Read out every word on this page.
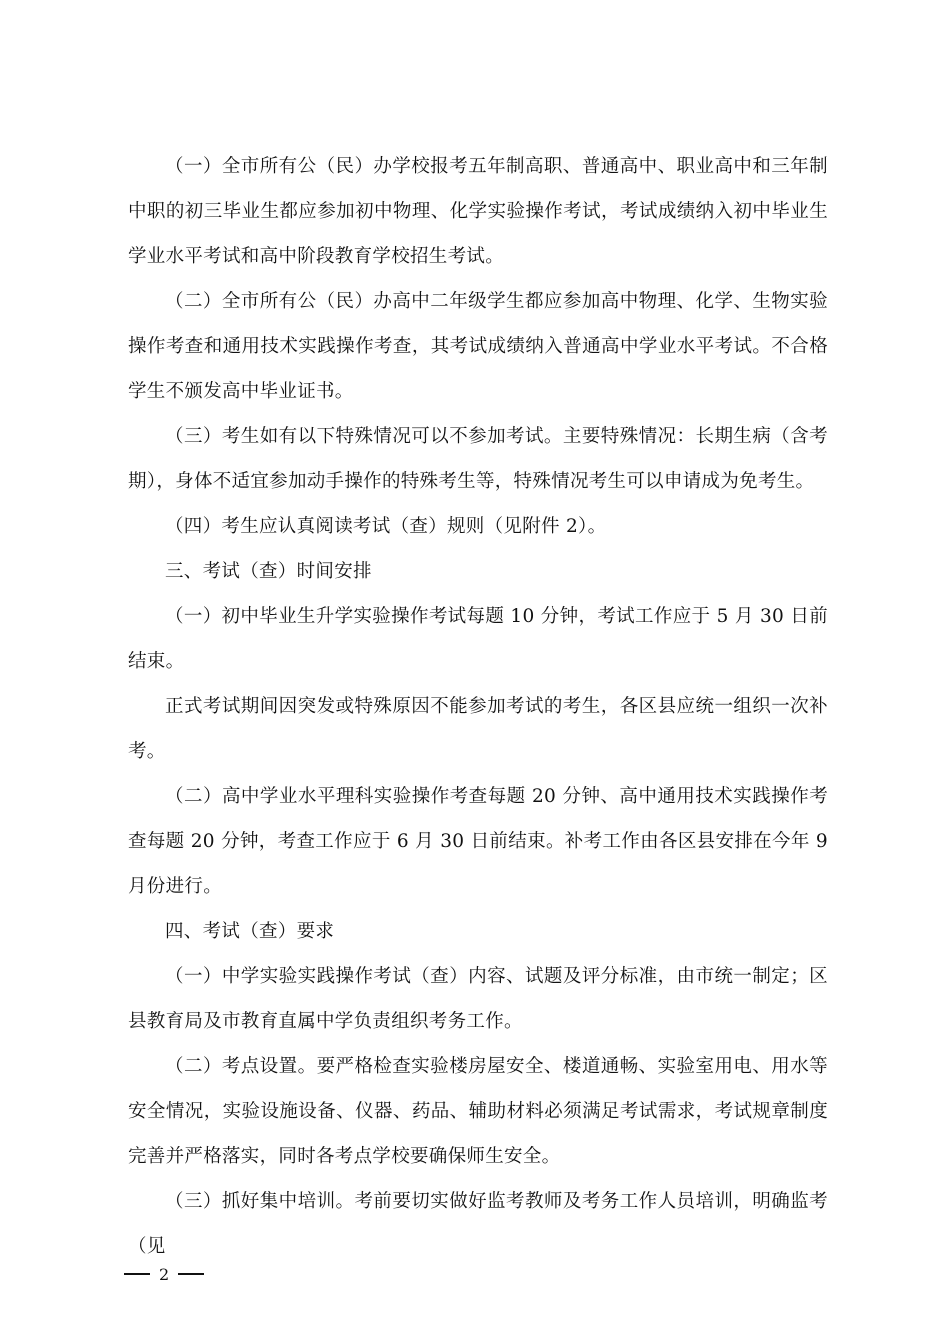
（一）全市所有公（民）办学校报考五年制高职、普通高中、职业高中和三年制中职的初三毕业生都应参加初中物理、化学实验操作考试，考试成绩纳入初中毕业生学业水平考试和高中阶段教育学校招生考试。

（二）全市所有公（民）办高中二年级学生都应参加高中物理、化学、生物实验操作考查和通用技术实践操作考查，其考试成绩纳入普通高中学业水平考试。不合格学生不颁发高中毕业证书。

（三）考生如有以下特殊情况可以不参加考试。主要特殊情况：长期生病（含考期），身体不适宜参加动手操作的特殊考生等，特殊情况考生可以申请成为免考生。

（四）考生应认真阅读考试（查）规则（见附件 2）。

三、考试（查）时间安排

（一）初中毕业生升学实验操作考试每题 10 分钟，考试工作应于 5 月 30 日前结束。

正式考试期间因突发或特殊原因不能参加考试的考生，各区县应统一组织一次补考。

（二）高中学业水平理科实验操作考查每题 20 分钟、高中通用技术实践操作考查每题 20 分钟，考查工作应于 6 月 30 日前结束。补考工作由各区县安排在今年 9 月份进行。

四、考试（查）要求

（一）中学实验实践操作考试（查）内容、试题及评分标准，由市统一制定；区县教育局及市教育直属中学负责组织考务工作。

（二）考点设置。要严格检查实验楼房屋安全、楼道通畅、实验室用电、用水等安全情况，实验设施设备、仪器、药品、辅助材料必须满足考试需求，考试规章制度完善并严格落实，同时各考点学校要确保师生安全。

（三）抓好集中培训。考前要切实做好监考教师及考务工作人员培训，明确监考（见

2
